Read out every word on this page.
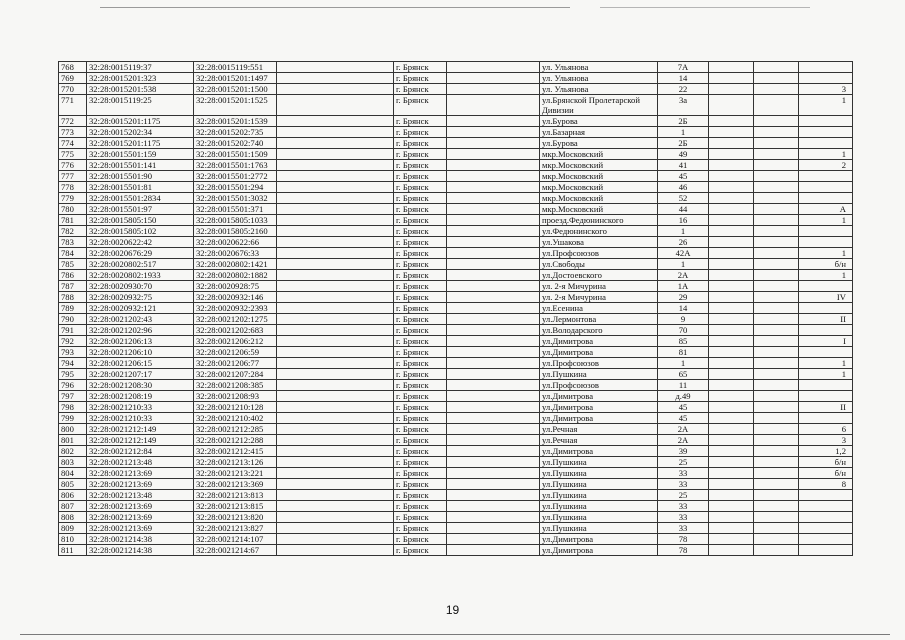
768	32:28:0015119:37	32:28:0015119:551		г. Брянск		ул. Ульянова	7А			
769	32:28:0015201:323	32:28:0015201:1497		г. Брянск		ул. Ульянова	14			
770	32:28:0015201:538	32:28:0015201:1500		г. Брянск		ул. Ульянова	22			3
771	32:28:0015119:25	32:28:0015201:1525		г. Брянск		ул.Брянской Пролетарской Дивизии	3а			1
772	32:28:0015201:1175	32:28:0015201:1539		г. Брянск		ул.Бурова	2Б			
773	32:28:0015202:34	32:28:0015202:735		г. Брянск		ул.Базарная	1			
774	32:28:0015201:1175	32:28:0015202:740		г. Брянск		ул.Бурова	2Б			
775	32:28:0015501:159	32:28:0015501:1509		г. Брянск		мкр.Московский	49			1
776	32:28:0015501:141	32:28:0015501:1763		г. Брянск		мкр.Московский	41			2
777	32:28:0015501:90	32:28:0015501:2772		г. Брянск		мкр.Московский	45			
778	32:28:0015501:81	32:28:0015501:294		г. Брянск		мкр.Московский	46			
779	32:28:0015501:2834	32:28:0015501:3032		г. Брянск		мкр.Московский	52			
780	32:28:0015501:97	32:28:0015501:371		г. Брянск		мкр.Московский	44			А
781	32:28:0015805:150	32:28:0015805:1033		г. Брянск		проезд.Федюнинского	16			1
782	32:28:0015805:102	32:28:0015805:2160		г. Брянск		ул.Федюнинского	1			
783	32:28:0020622:42	32:28:0020622:66		г. Брянск		ул.Ушакова	26			
784	32:28:0020676:29	32:28:0020676:33		г. Брянск		ул.Профсоюзов	42А			1
785	32:28:0020802:517	32:28:0020802:1421		г. Брянск		ул.Свободы	1			б/н
786	32:28:0020802:1933	32:28:0020802:1882		г. Брянск		ул.Достоевского	2А			1
787	32:28:0020930:70	32:28:0020928:75		г. Брянск		ул. 2-я Мичурина	1А			
788	32:28:0020932:75	32:28:0020932:146		г. Брянск		ул. 2-я Мичурина	29			IV
789	32:28:0020932:121	32:28:0020932:2393		г. Брянск		ул.Есенина	14			
790	32:28:0021202:43	32:28:0021202:1275		г. Брянск		ул.Лермонтова	9			II
791	32:28:0021202:96	32:28:0021202:683		г. Брянск		ул.Володарского	70			
792	32:28:0021206:13	32:28:0021206:212		г. Брянск		ул.Димитрова	85			I
793	32:28:0021206:10	32:28:0021206:59		г. Брянск		ул.Димитрова	81			
794	32:28:0021206:15	32:28:0021206:77		г. Брянск		ул.Профсоюзов	1			1
795	32:28:0021207:17	32:28:0021207:284		г. Брянск		ул.Пушкина	65			1
796	32:28:0021208:30	32:28:0021208:385		г. Брянск		ул.Профсоюзов	11			
797	32:28:0021208:19	32:28:0021208:93		г. Брянск		ул.Димитрова	д.49			
798	32:28:0021210:33	32:28:0021210:128		г. Брянск		ул.Димитрова	45			II
799	32:28:0021210:33	32:28:0021210:402		г. Брянск		ул.Димитрова	45			
800	32:28:0021212:149	32:28:0021212:285		г. Брянск		ул.Речная	2А			6
801	32:28:0021212:149	32:28:0021212:288		г. Брянск		ул.Речная	2А			3
802	32:28:0021212:84	32:28:0021212:415		г. Брянск		ул.Димитрова	39			1,2
803	32:28:0021213:48	32:28:0021213:126		г. Брянск		ул.Пушкина	25			б/н
804	32:28:0021213:69	32:28:0021213:221		г. Брянск		ул.Пушкина	33			б/н
805	32:28:0021213:69	32:28:0021213:369		г. Брянск		ул.Пушкина	33			8
806	32:28:0021213:48	32:28:0021213:813		г. Брянск		ул.Пушкина	25			
807	32:28:0021213:69	32:28:0021213:815		г. Брянск		ул.Пушкина	33			
808	32:28:0021213:69	32:28:0021213:820		г. Брянск		ул.Пушкина	33			
809	32:28:0021213:69	32:28:0021213:827		г. Брянск		ул.Пушкина	33			
810	32:28:0021214:38	32:28:0021214:107		г. Брянск		ул.Димитрова	78			
811	32:28:0021214:38	32:28:0021214:67		г. Брянск		ул.Димитрова	78			
19
